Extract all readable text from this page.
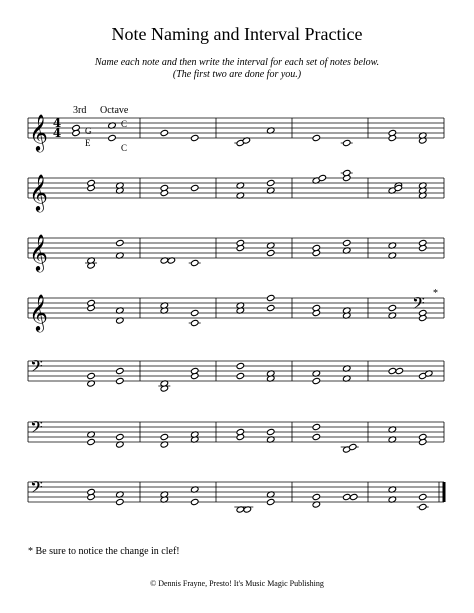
Note Naming and Interval Practice
Name each note and then write the interval for each set of notes below.
(The first two are done for you.)
𝄞 4
4
𝄞
𝄞
𝄞
𝄢
𝄢
𝄢
3rd
G
E
Octave
C
C
𝄢 *
* Be sure to notice the change in clef!
© Dennis Frayne, Presto! It's Music Magic Publishing
